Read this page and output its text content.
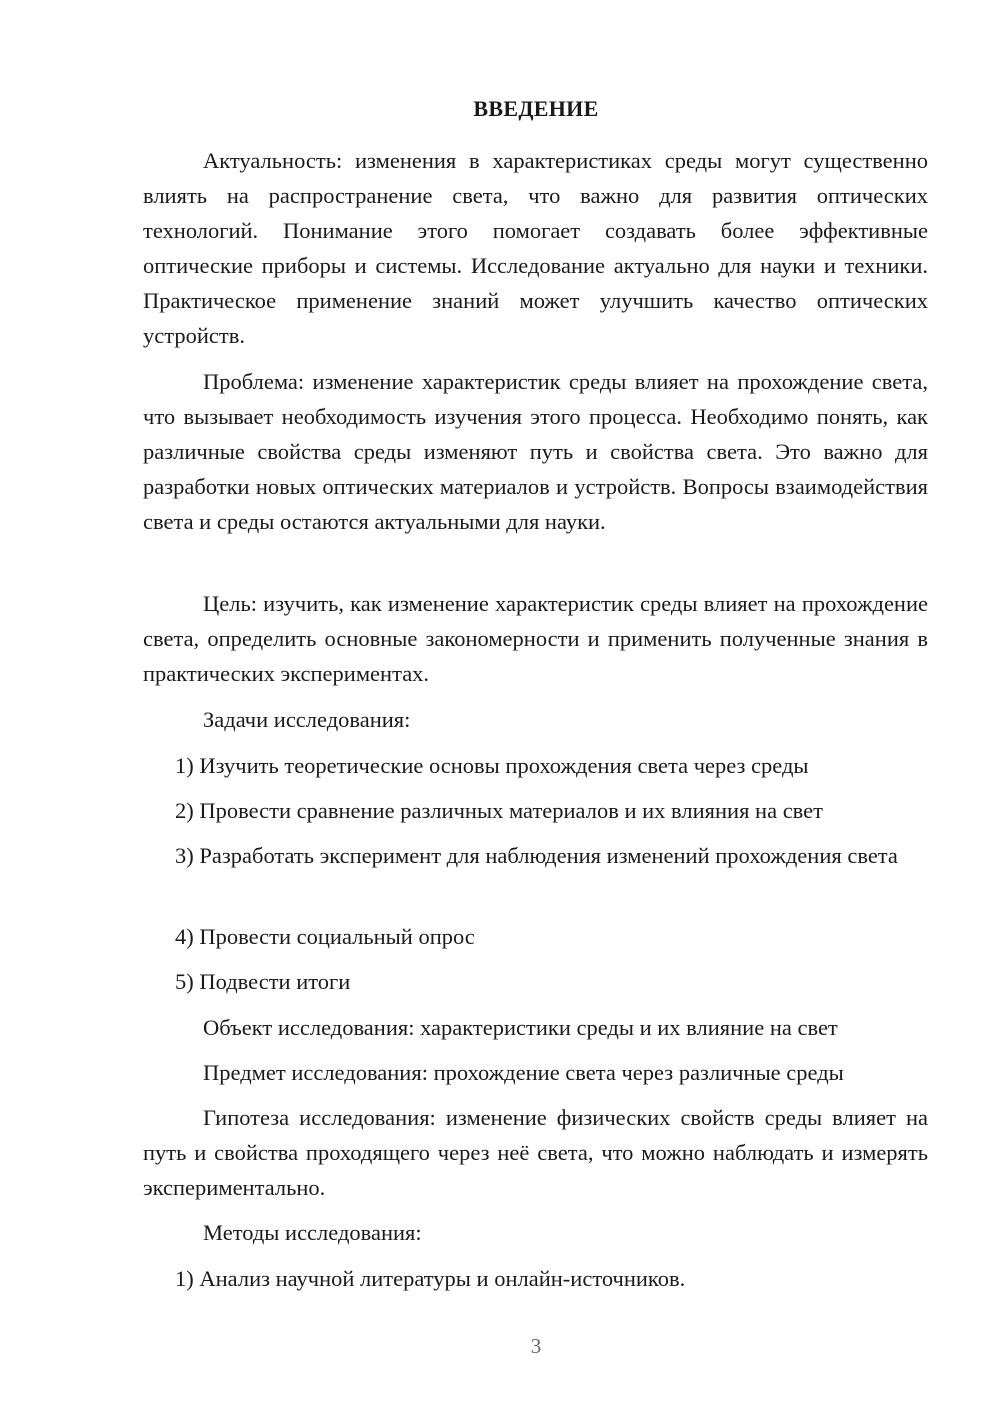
ВВЕДЕНИЕ

Актуальность: изменения в характеристиках среды могут существенно влиять на распространение света, что важно для развития оптических технологий. Понимание этого помогает создавать более эффективные оптические приборы и системы. Исследование актуально для науки и техники. Практическое применение знаний может улучшить качество оптических устройств.

Проблема: изменение характеристик среды влияет на прохождение света, что вызывает необходимость изучения этого процесса. Необходимо понять, как различные свойства среды изменяют путь и свойства света. Это важно для разработки новых оптических материалов и устройств. Вопросы взаимодействия света и среды остаются актуальными для науки.

Цель: изучить, как изменение характеристик среды влияет на прохождение света, определить основные закономерности и применить полученные знания в практических экспериментах.

Задачи исследования:
1) Изучить теоретические основы прохождения света через среды
2) Провести сравнение различных материалов и их влияния на свет

3) Разработать эксперимент для наблюдения изменений прохождения света

4) Провести социальный опрос
5) Подвести итоги
Объект исследования: характеристики среды и их влияние на свет
Предмет исследования: прохождение света через различные среды

Гипотеза исследования: изменение физических свойств среды влияет на путь и свойства проходящего через неё света, что можно наблюдать и измерять экспериментально.

Методы исследования:
1) Анализ научной литературы и онлайн-источников.
3
